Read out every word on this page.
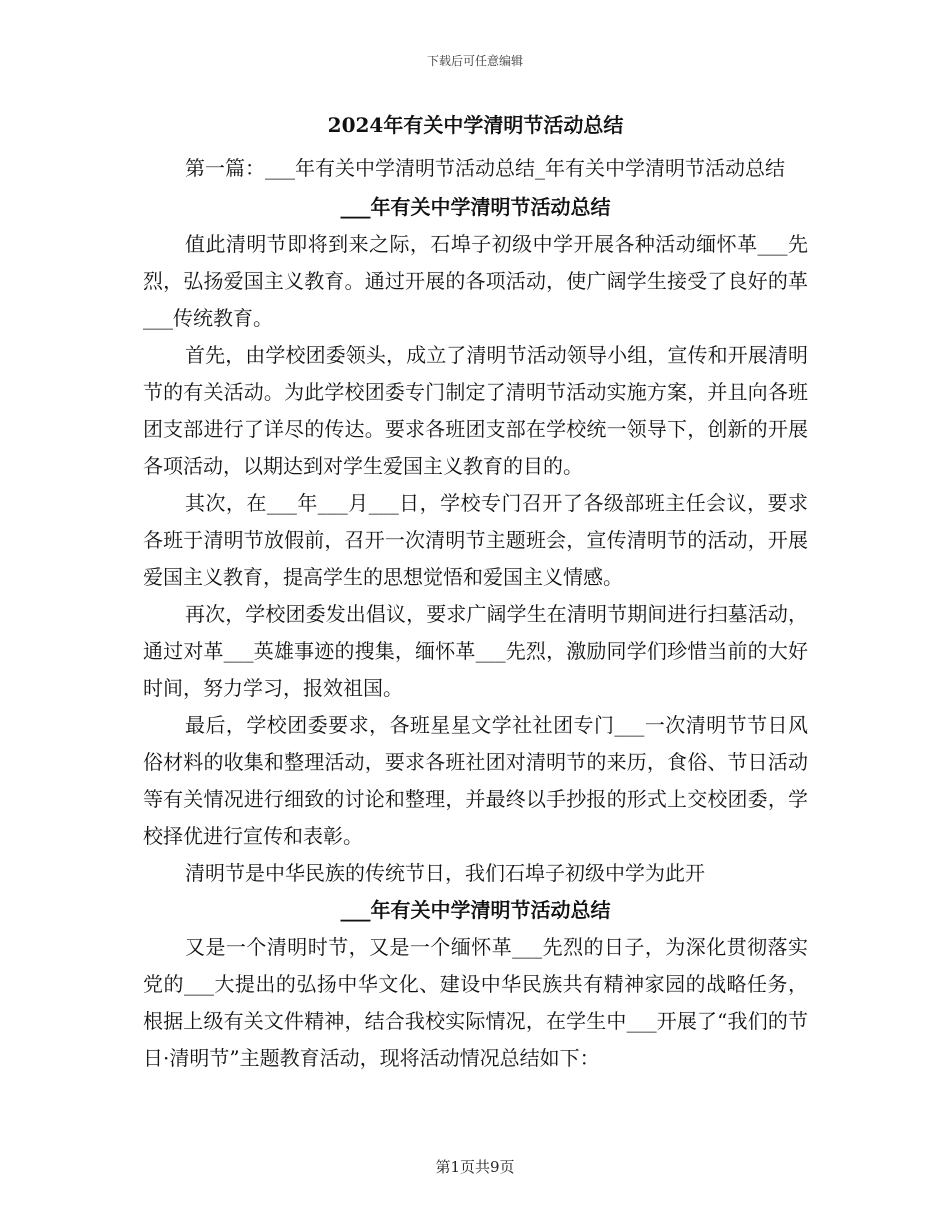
下载后可任意编辑
2024年有关中学清明节活动总结

第一篇：___年有关中学清明节活动总结_年有关中学清明节活动总结

___年有关中学清明节活动总结

值此清明节即将到来之际，石埠子初级中学开展各种活动缅怀革___先烈，弘扬爱国主义教育。通过开展的各项活动，使广阔学生接受了良好的革___传统教育。

首先，由学校团委领头，成立了清明节活动领导小组，宣传和开展清明节的有关活动。为此学校团委专门制定了清明节活动实施方案，并且向各班团支部进行了详尽的传达。要求各班团支部在学校统一领导下，创新的开展各项活动，以期达到对学生爱国主义教育的目的。

其次，在___年___月___日，学校专门召开了各级部班主任会议，要求各班于清明节放假前，召开一次清明节主题班会，宣传清明节的活动，开展爱国主义教育，提高学生的思想觉悟和爱国主义情感。

再次，学校团委发出倡议，要求广阔学生在清明节期间进行扫墓活动，通过对革___英雄事迹的搜集，缅怀革___先烈，激励同学们珍惜当前的大好时间，努力学习，报效祖国。

最后，学校团委要求，各班星星文学社社团专门___一次清明节节日风俗材料的收集和整理活动，要求各班社团对清明节的来历，食俗、节日活动等有关情况进行细致的讨论和整理，并最终以手抄报的形式上交校团委，学校择优进行宣传和表彰。

清明节是中华民族的传统节日，我们石埠子初级中学为此开

___年有关中学清明节活动总结

又是一个清明时节，又是一个缅怀革___先烈的日子，为深化贯彻落实党的___大提出的弘扬中华文化、建设中华民族共有精神家园的战略任务，根据上级有关文件精神，结合我校实际情况，在学生中___开展了“我们的节日·清明节”主题教育活动，现将活动情况总结如下：

第1页共9页
